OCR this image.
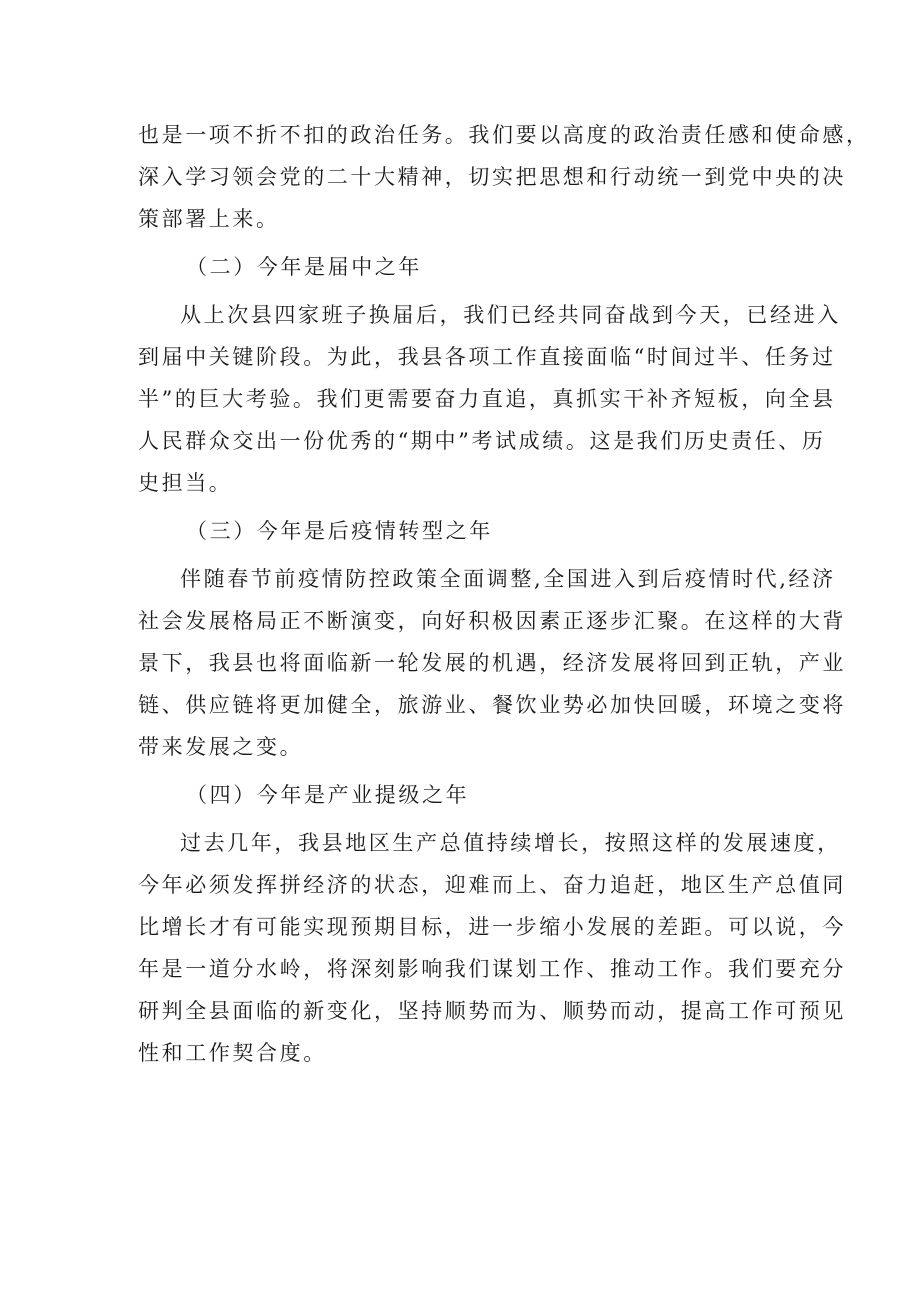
也是一项不折不扣的政治任务。我们要以高度的政治责任感和使命感，
深入学习领会党的二十大精神，切实把思想和行动统一到党中央的决
策部署上来。

（二）今年是届中之年

从上次县四家班子换届后，我们已经共同奋战到今天，已经进入
到届中关键阶段。为此，我县各项工作直接面临“时间过半、任务过
半”的巨大考验。我们更需要奋力直追，真抓实干补齐短板，向全县
人民群众交出一份优秀的“期中”考试成绩。这是我们历史责任、历
史担当。

（三）今年是后疫情转型之年

伴随春节前疫情防控政策全面调整,全国进入到后疫情时代,经济
社会发展格局正不断演变，向好积极因素正逐步汇聚。在这样的大背
景下，我县也将面临新一轮发展的机遇，经济发展将回到正轨，产业
链、供应链将更加健全，旅游业、餐饮业势必加快回暖，环境之变将
带来发展之变。

（四）今年是产业提级之年

过去几年，我县地区生产总值持续增长，按照这样的发展速度，
今年必须发挥拼经济的状态，迎难而上、奋力追赶，地区生产总值同
比增长才有可能实现预期目标，进一步缩小发展的差距。可以说，今
年是一道分水岭，将深刻影响我们谋划工作、推动工作。我们要充分
研判全县面临的新变化，坚持顺势而为、顺势而动，提高工作可预见
性和工作契合度。
